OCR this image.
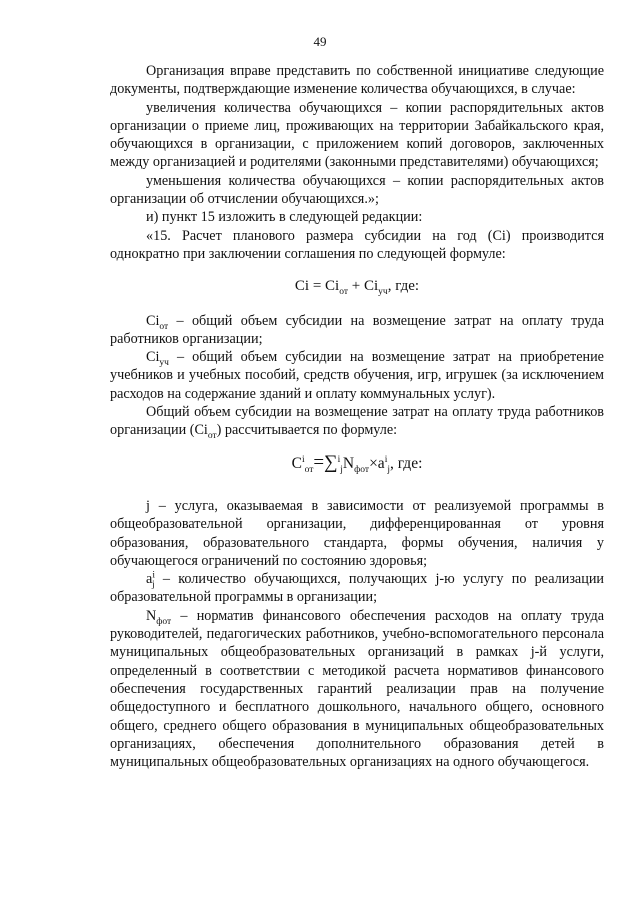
49

Организация вправе представить по собственной инициативе следующие документы, подтверждающие изменение количества обучающихся, в случае:

увеличения количества обучающихся – копии распорядительных актов организации о приеме лиц, проживающих на территории Забайкальского края, обучающихся в организации, с приложением копий договоров, заключенных между организацией и родителями (законными представителями) обучающихся;

уменьшения количества обучающихся – копии распорядительных актов организации об отчислении обучающихся.»;

и) пункт 15 изложить в следующей редакции:

«15. Расчет планового размера субсидии на год (Ci) производится однократно при заключении соглашения по следующей формуле:

$Ci = Ci_{от} + Ci_{уч}$, где:

$Ci_{от}$ – общий объем субсидии на возмещение затрат на оплату труда работников организации;

$Ci_{уч}$ – общий объем субсидии на возмещение затрат на приобретение учебников и учебных пособий, средств обучения, игр, игрушек (за исключением расходов на содержание зданий и оплату коммунальных услуг).

Общий объем субсидии на возмещение затрат на оплату труда работников организации $(Ci_{от})$ рассчитывается по формуле:

$C^i_{от}=\sum^i_jN_{фот}\times a^i_j$, где:

j – услуга, оказываемая в зависимости от реализуемой программы в общеобразовательной организации, дифференцированная от уровня образования, образовательного стандарта, формы обучения, наличия у обучающегося ограничений по состоянию здоровья;

$a^i_j$ – количество обучающихся, получающих j-ю услугу по реализации образовательной программы в организации;

$N_{фот}$ – норматив финансового обеспечения расходов на оплату труда руководителей, педагогических работников, учебно-вспомогательного персонала муниципальных общеобразовательных организаций в рамках j-й услуги, определенный в соответствии с методикой расчета нормативов финансового обеспечения государственных гарантий реализации прав на получение общедоступного и бесплатного дошкольного, начального общего, основного общего, среднего общего образования в муниципальных общеобразовательных организациях, обеспечения дополнительного образования детей в муниципальных общеобразовательных организациях на одного обучающегося.
